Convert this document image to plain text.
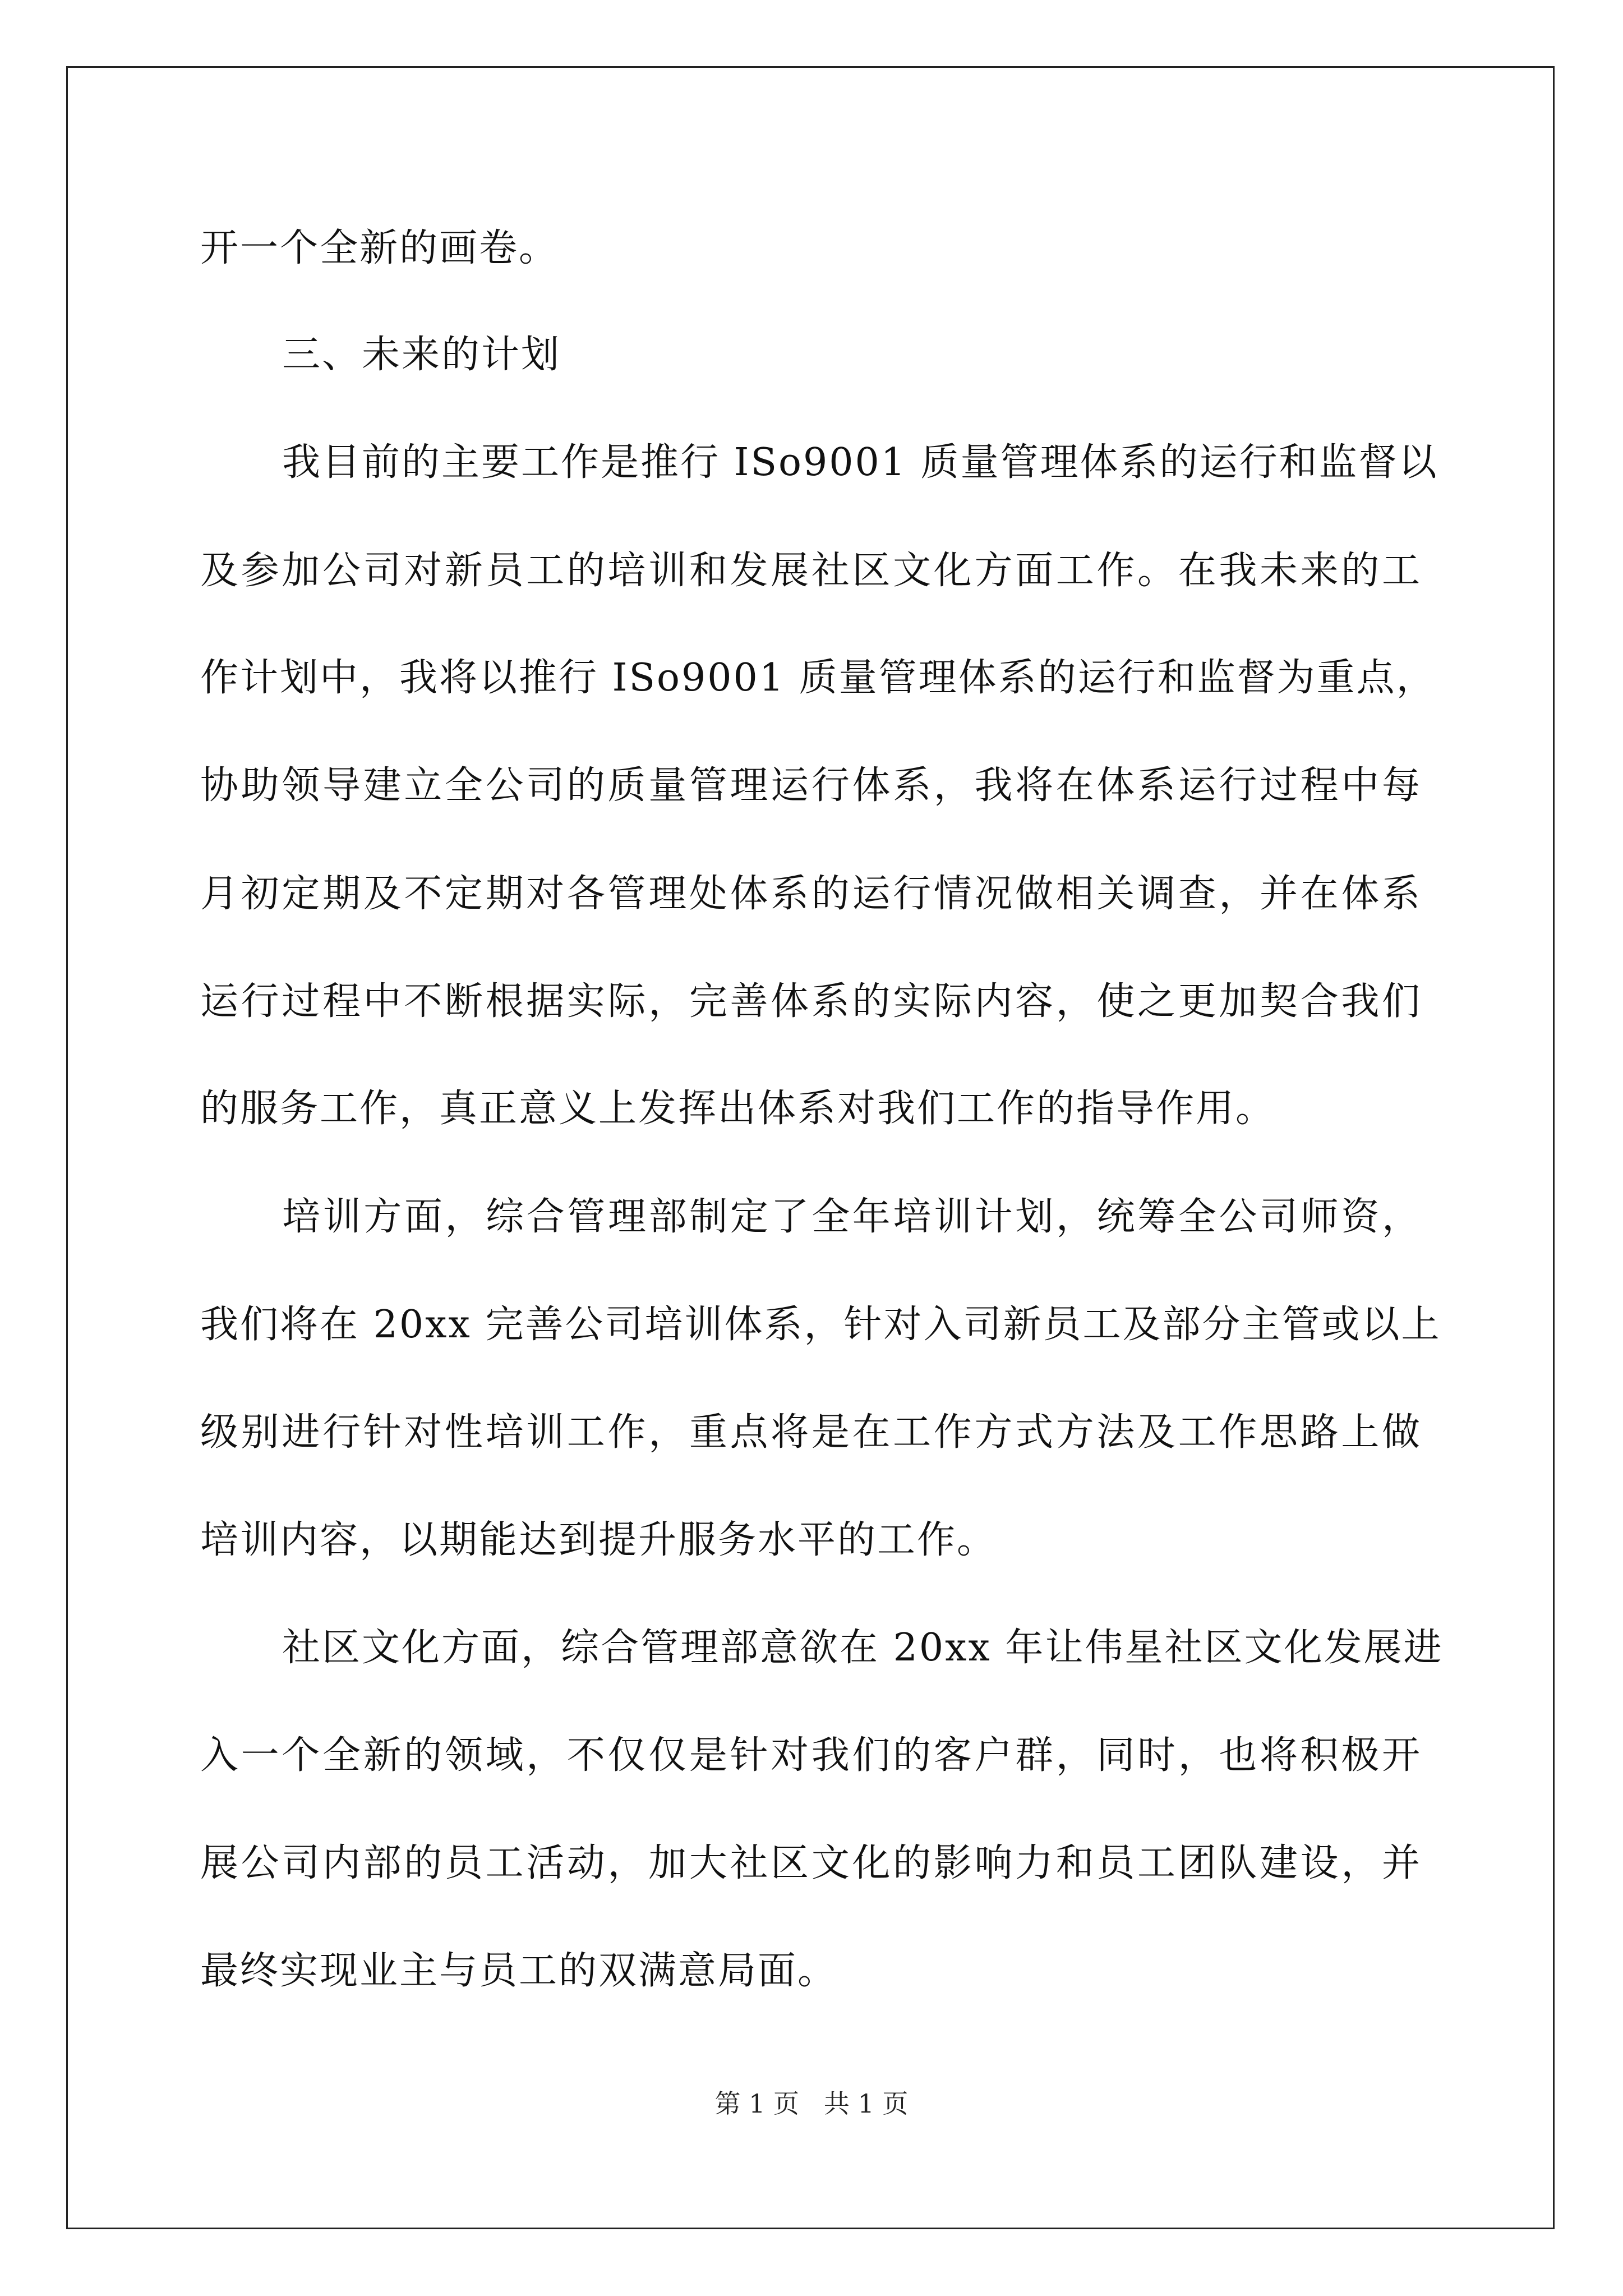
开一个全新的画卷。
三、未来的计划
我目前的主要工作是推行 ISo9001 质量管理体系的运行和监督以
及参加公司对新员工的培训和发展社区文化方面工作。在我未来的工
作计划中，我将以推行 ISo9001 质量管理体系的运行和监督为重点，
协助领导建立全公司的质量管理运行体系，我将在体系运行过程中每
月初定期及不定期对各管理处体系的运行情况做相关调查，并在体系
运行过程中不断根据实际，完善体系的实际内容，使之更加契合我们
的服务工作，真正意义上发挥出体系对我们工作的指导作用。
培训方面，综合管理部制定了全年培训计划，统筹全公司师资，
我们将在 20xx 完善公司培训体系，针对入司新员工及部分主管或以上
级别进行针对性培训工作，重点将是在工作方式方法及工作思路上做
培训内容，以期能达到提升服务水平的工作。
社区文化方面，综合管理部意欲在 20xx 年让伟星社区文化发展进
入一个全新的领域，不仅仅是针对我们的客户群，同时，也将积极开
展公司内部的员工活动，加大社区文化的影响力和员工团队建设，并
最终实现业主与员工的双满意局面。
第 1 页   共 1 页
